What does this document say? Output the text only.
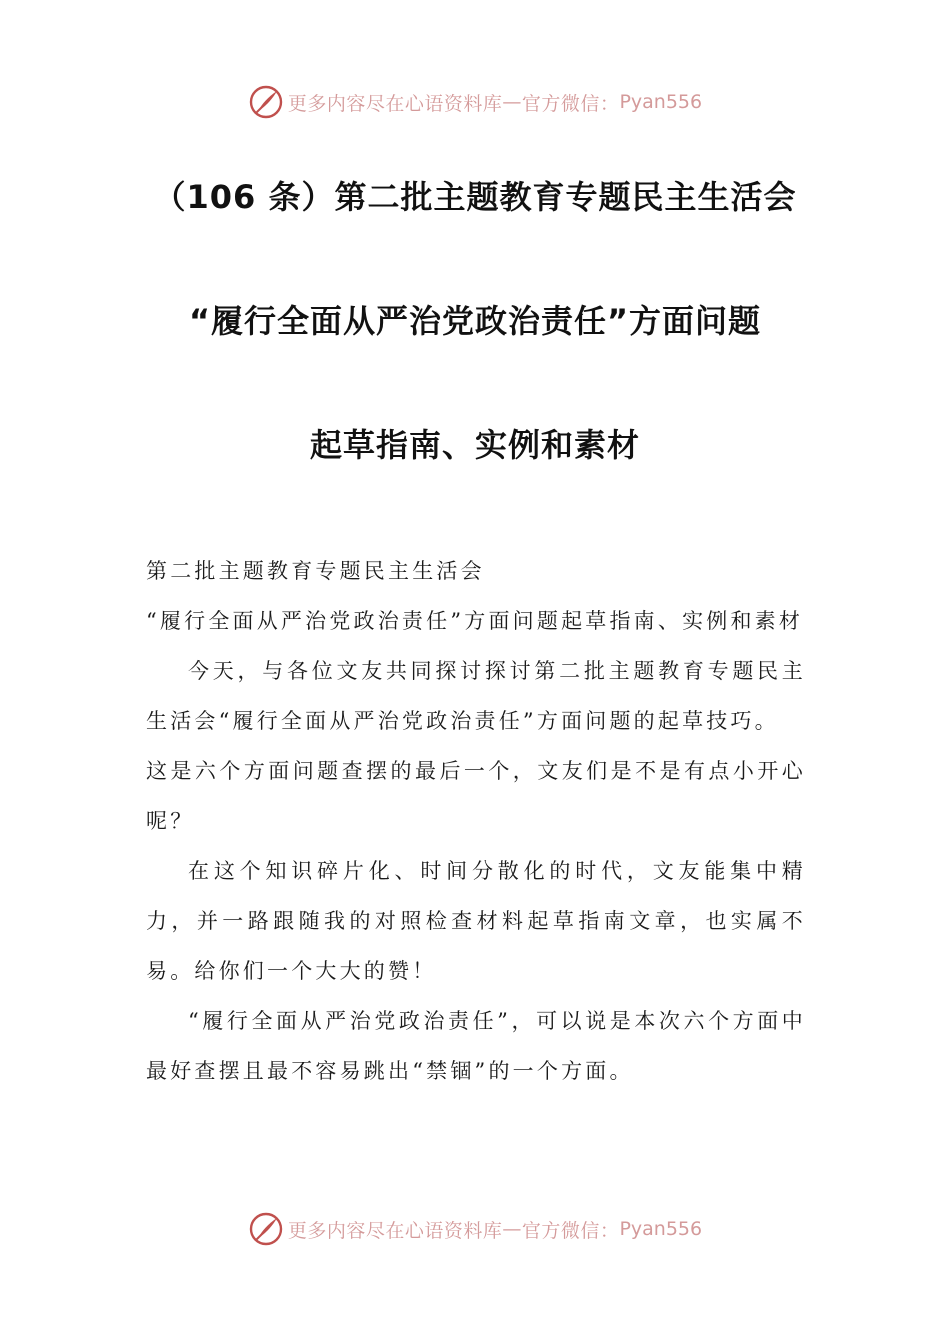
更多内容尽在心语资料库 — 官方微信： Pyan556
（106 条）第二批主题教育专题民主生活会
“履行全面从严治党政治责任”方面问题
起草指南、实例和素材

第二批主题教育专题民主生活会

“履行全面从严治党政治责任”方面问题起草指南、实例和素材

今天，与各位文友共同探讨探讨第二批主题教育专题民主生活会“履行全面从严治党政治责任”方面问题的起草技巧。

这是六个方面问题查摆的最后一个，文友们是不是有点小开心呢？

在这个知识碎片化、时间分散化的时代，文友能集中精力，并一路跟随我的对照检查材料起草指南文章，也实属不易。给你们一个大大的赞！

“履行全面从严治党政治责任”，可以说是本次六个方面中最好查摆且最不容易跳出“禁锢”的一个方面。

更多内容尽在心语资料库 — 官方微信： Pyan556
